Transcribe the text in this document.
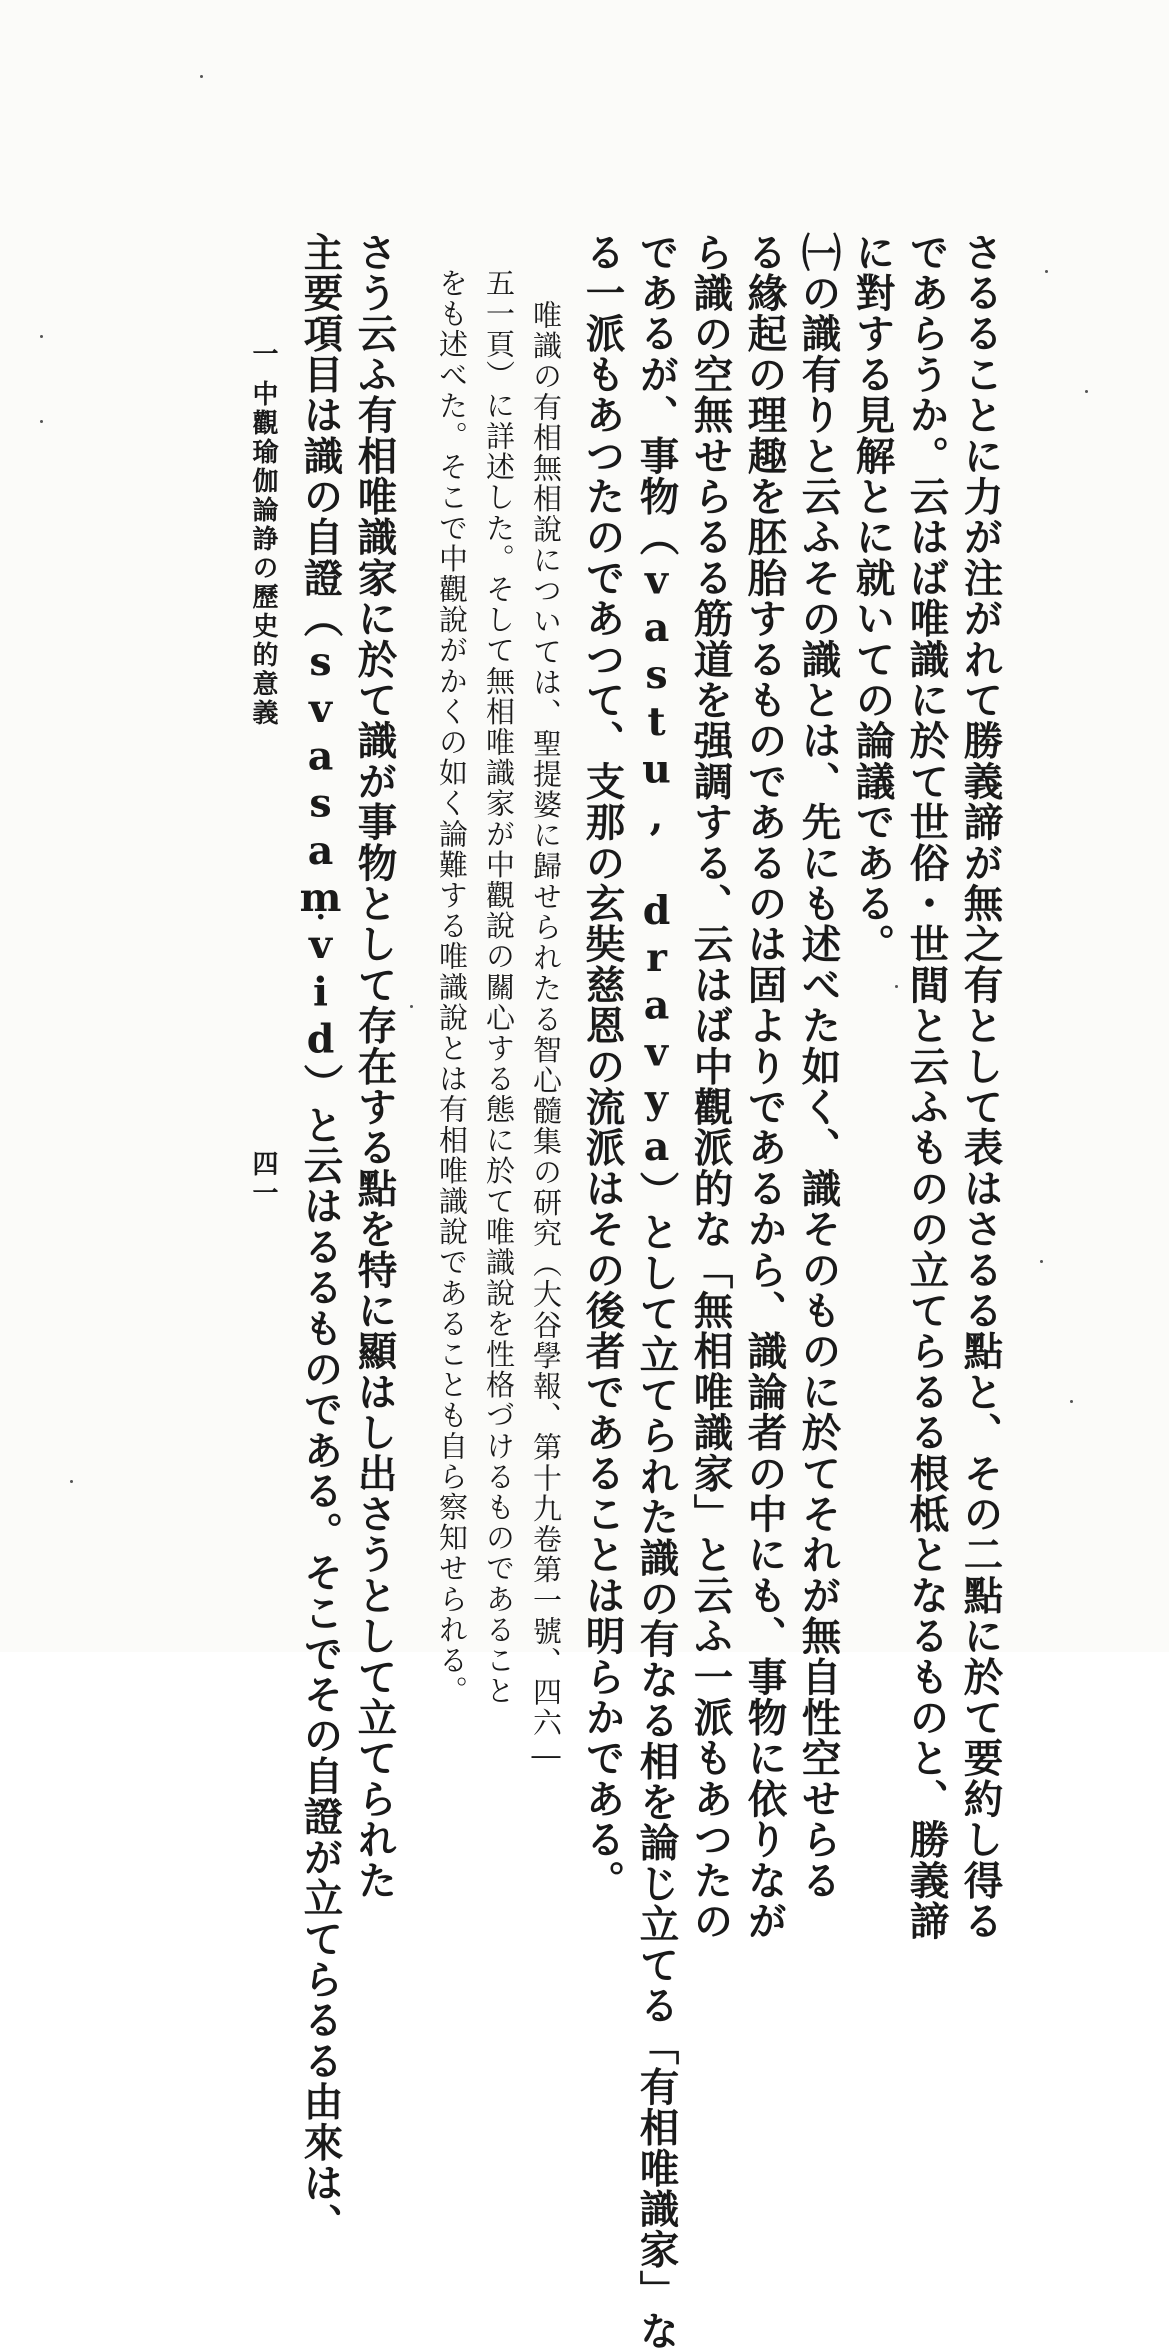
さるることに力が注がれて勝義諦が無之有として表はさるる點と、その二點に於て要約し得る
であらうか。云はば唯識に於て世俗・世間と云ふものの立てらるる根柢となるものと、勝義諦
に對する見解とに就いての論議である。
㈠の識有りと云ふその識とは、先にも述べた如く、識そのものに於てそれが無自性空せらる
る緣起の理趣を胚胎するものであるのは固よりであるから、識論者の中にも、事物に依りなが
ら識の空無せらるる筋道を强調する、云はば中觀派的な「無相唯識家」と云ふ一派もあつたの
であるが、事物（vastu, dravya）として立てられた識の有なる相を論じ立てる「有相唯識家」な
る一派もあつたのであつて、支那の玄奘慈恩の流派はその後者であることは明らかである。
唯識の有相無相說については、聖提婆に歸せられたる智心髓集の研究（大谷學報、第十九卷第一號、四六―
五一頁）に詳述した。そして無相唯識家が中觀說の關心する態に於て唯識說を性格づけるものであること
をも述べた。そこで中觀說がかくの如く論難する唯識說とは有相唯識說であることも自ら察知せられる。
さう云ふ有相唯識家に於て識が事物として存在する點を特に顯はし出さうとして立てられた
主要項目は識の自證（svasaṃvid）と云はるるものである。そこでその自證が立てらるる由來は、
一
中觀瑜伽論諍の歷史的意義
四一
